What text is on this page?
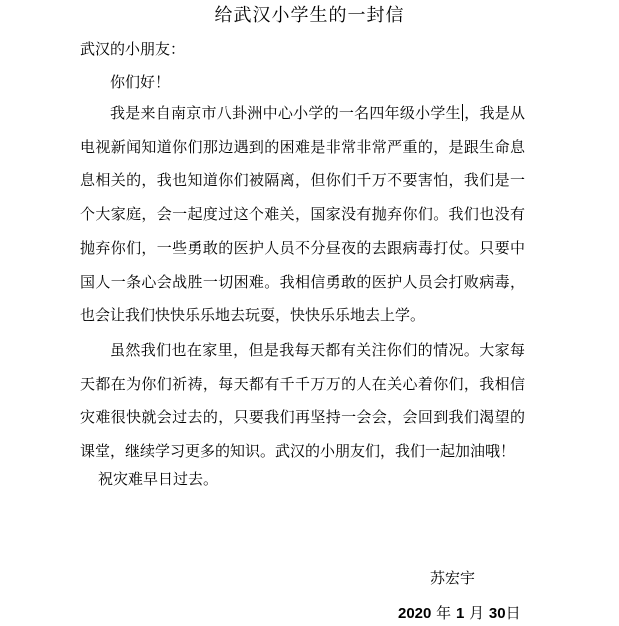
给武汉小学生的一封信
武汉的小朋友：
你们好！

我是来自南京市八卦洲中心小学的一名四年级小学生 ，我是从电视新闻知道你们那边遇到的困难是非常非常严重的，是跟生命息息相关的，我也知道你们被隔离，但你们千万不要害怕，我们是一个大家庭，会一起度过这个难关，国家没有抛弃你们。我们也没有抛弃你们，一些勇敢的医护人员不分昼夜的去跟病毒打仗。只要中国人一条心会战胜一切困难。我相信勇敢的医护人员会打败病毒，也会让我们快快乐乐地去玩耍，快快乐乐地去上学。

虽然我们也在家里，但是我每天都有关注你们的情况。大家每天都在为你们祈祷，每天都有千千万万的人在关心着你们，我相信灾难很快就会过去的，只要我们再坚持一会会，会回到我们渴望的课堂，继续学习更多的知识。武汉的小朋友们，我们一起加油哦！

祝灾难早日过去。
苏宏宇
2020 年 1 月 30日
